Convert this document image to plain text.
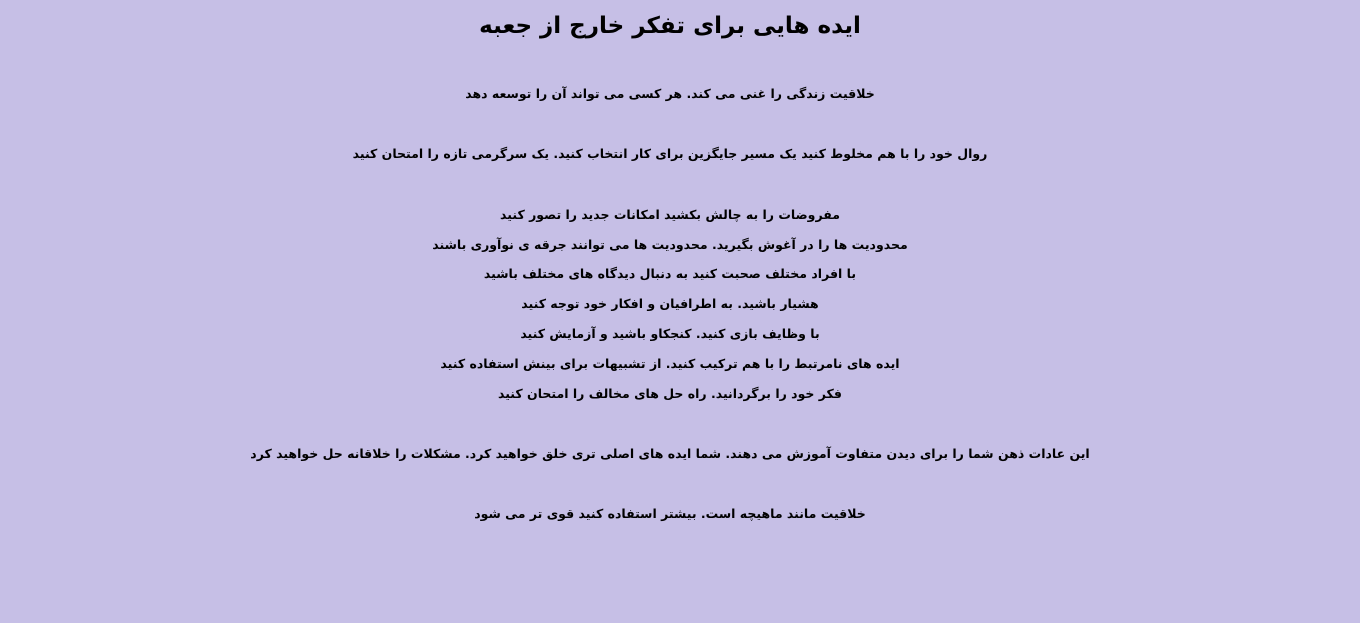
ایده هایی برای تفکر خارج از جعبه

خلاقیت زندگی را غنی می کند. هر کسی می تواند آن را توسعه دهد

روال خود را با هم مخلوط کنید یک مسیر جایگزین برای کار انتخاب کنید. یک سرگرمی تازه را امتحان کنید

مفروضات را به چالش بکشید امکانات جدید را تصور کنید

محدودیت ها را در آغوش بگیرید. محدودیت ها می توانند جرقه ی نوآوری باشند

با افراد مختلف صحبت کنید به دنبال دیدگاه های مختلف باشید

هشیار باشید. به اطرافیان و افکار خود توجه کنید

با وظایف بازی کنید. کنجکاو باشید و آزمایش کنید

ایده های نامرتبط را با هم ترکیب کنید. از تشبیهات برای بینش استفاده کنید

فکر خود را برگردانید. راه حل های مخالف را امتحان کنید

این عادات ذهن شما را برای دیدن متفاوت آموزش می دهند. شما ایده های اصلی تری خلق خواهید کرد. مشکلات را خلاقانه حل خواهید کرد

خلاقیت مانند ماهیچه است. بیشتر استفاده کنید قوی تر می شود
